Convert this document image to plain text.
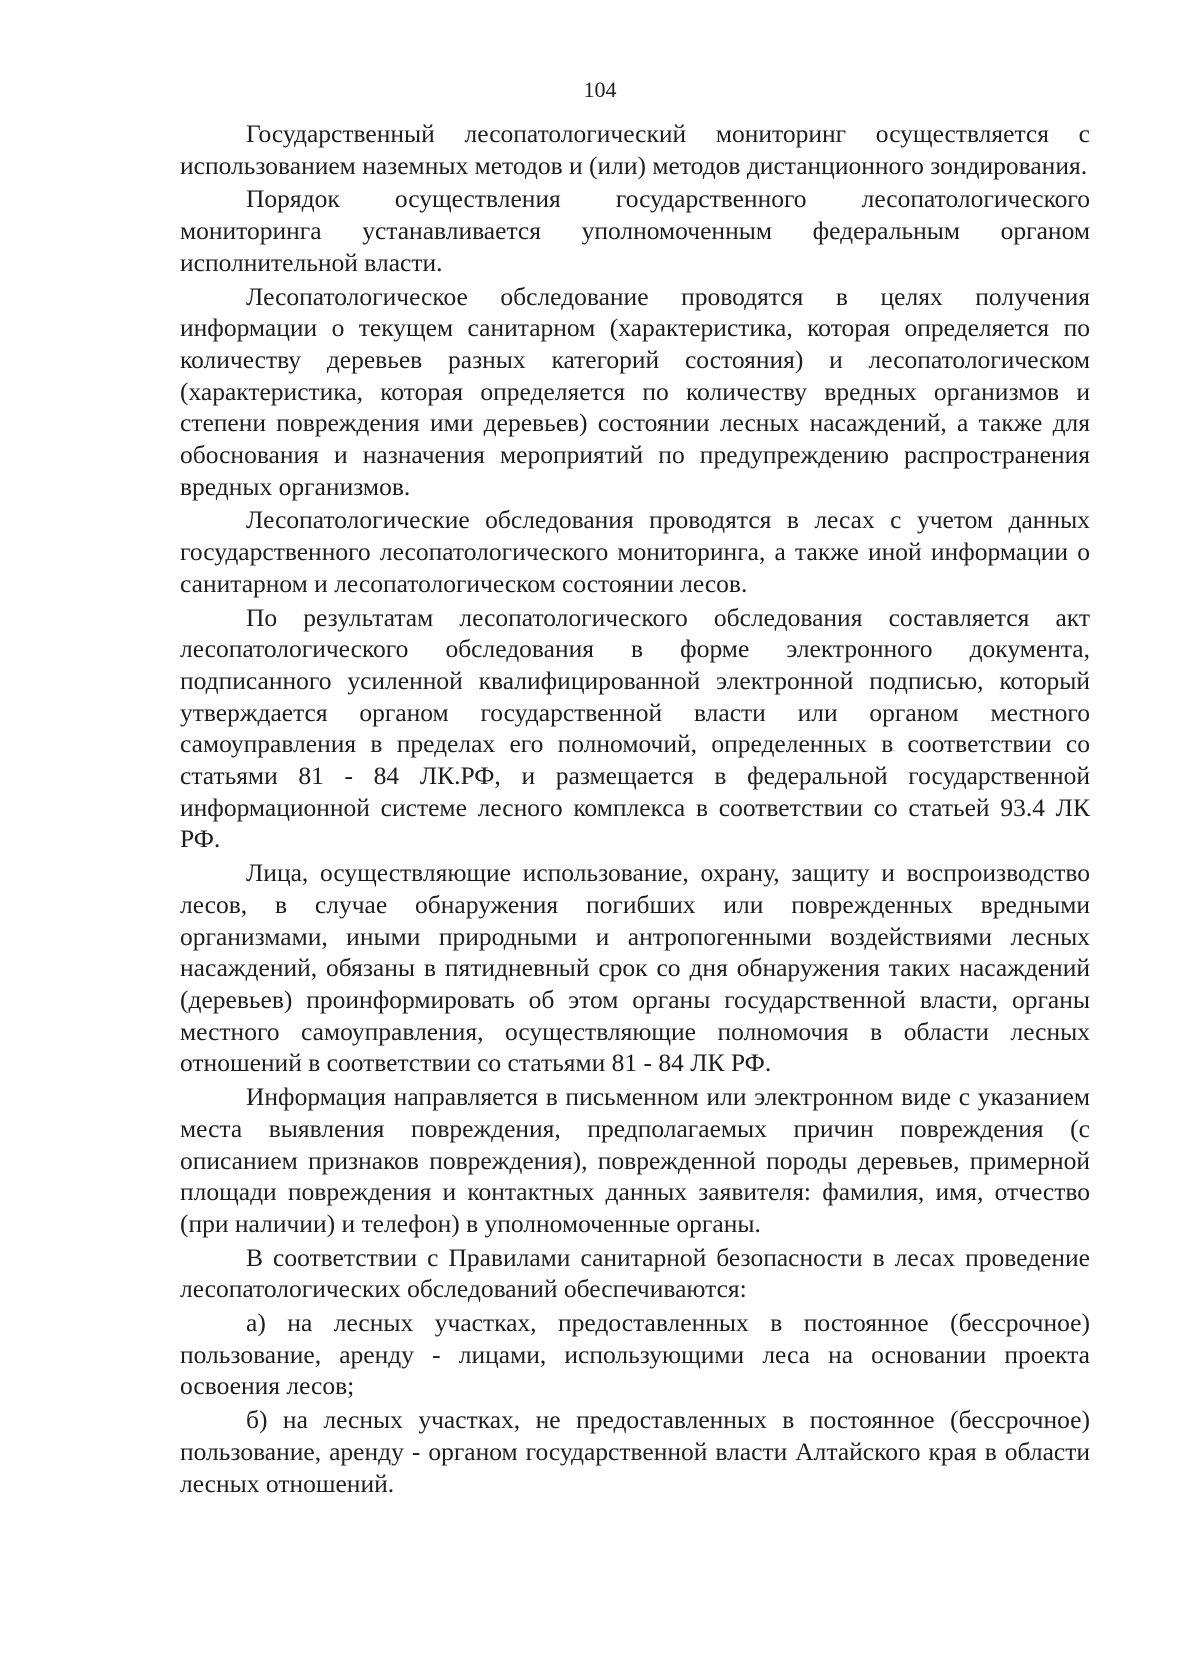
104

Государственный лесопатологический мониторинг осуществляется с использованием наземных методов и (или) методов дистанционного зондирования.

Порядок осуществления государственного лесопатологического мониторинга устанавливается уполномоченным федеральным органом исполнительной власти.

Лесопатологическое обследование проводятся в целях получения информации о текущем санитарном (характеристика, которая определяется по количеству деревьев разных категорий состояния) и лесопатологическом (характеристика, которая определяется по количеству вредных организмов и степени повреждения ими деревьев) состоянии лесных насаждений, а также для обоснования и назначения мероприятий по предупреждению распространения вредных организмов.

Лесопатологические обследования проводятся в лесах с учетом данных государственного лесопатологического мониторинга, а также иной информации о санитарном и лесопатологическом состоянии лесов.

По результатам лесопатологического обследования составляется акт лесопатологического обследования в форме электронного документа, подписанного усиленной квалифицированной электронной подписью, который утверждается органом государственной власти или органом местного самоуправления в пределах его полномочий, определенных в соответствии со статьями 81 - 84 ЛК.РФ, и размещается в федеральной государственной информационной системе лесного комплекса в соответствии со статьей 93.4 ЛК РФ.

Лица, осуществляющие использование, охрану, защиту и воспроизводство лесов, в случае обнаружения погибших или поврежденных вредными организмами, иными природными и антропогенными воздействиями лесных насаждений, обязаны в пятидневный срок со дня обнаружения таких насаждений (деревьев) проинформировать об этом органы государственной власти, органы местного самоуправления, осуществляющие полномочия в области лесных отношений в соответствии со статьями 81 - 84 ЛК РФ.

Информация направляется в письменном или электронном виде с указанием места выявления повреждения, предполагаемых причин повреждения (с описанием признаков повреждения), поврежденной породы деревьев, примерной площади повреждения и контактных данных заявителя: фамилия, имя, отчество (при наличии) и телефон) в уполномоченные органы.

В соответствии с Правилами санитарной безопасности в лесах проведение лесопатологических обследований обеспечиваются:

а) на лесных участках, предоставленных в постоянное (бессрочное) пользование, аренду - лицами, использующими леса на основании проекта освоения лесов;

б) на лесных участках, не предоставленных в постоянное (бессрочное) пользование, аренду - органом государственной власти Алтайского края в области лесных отношений.
